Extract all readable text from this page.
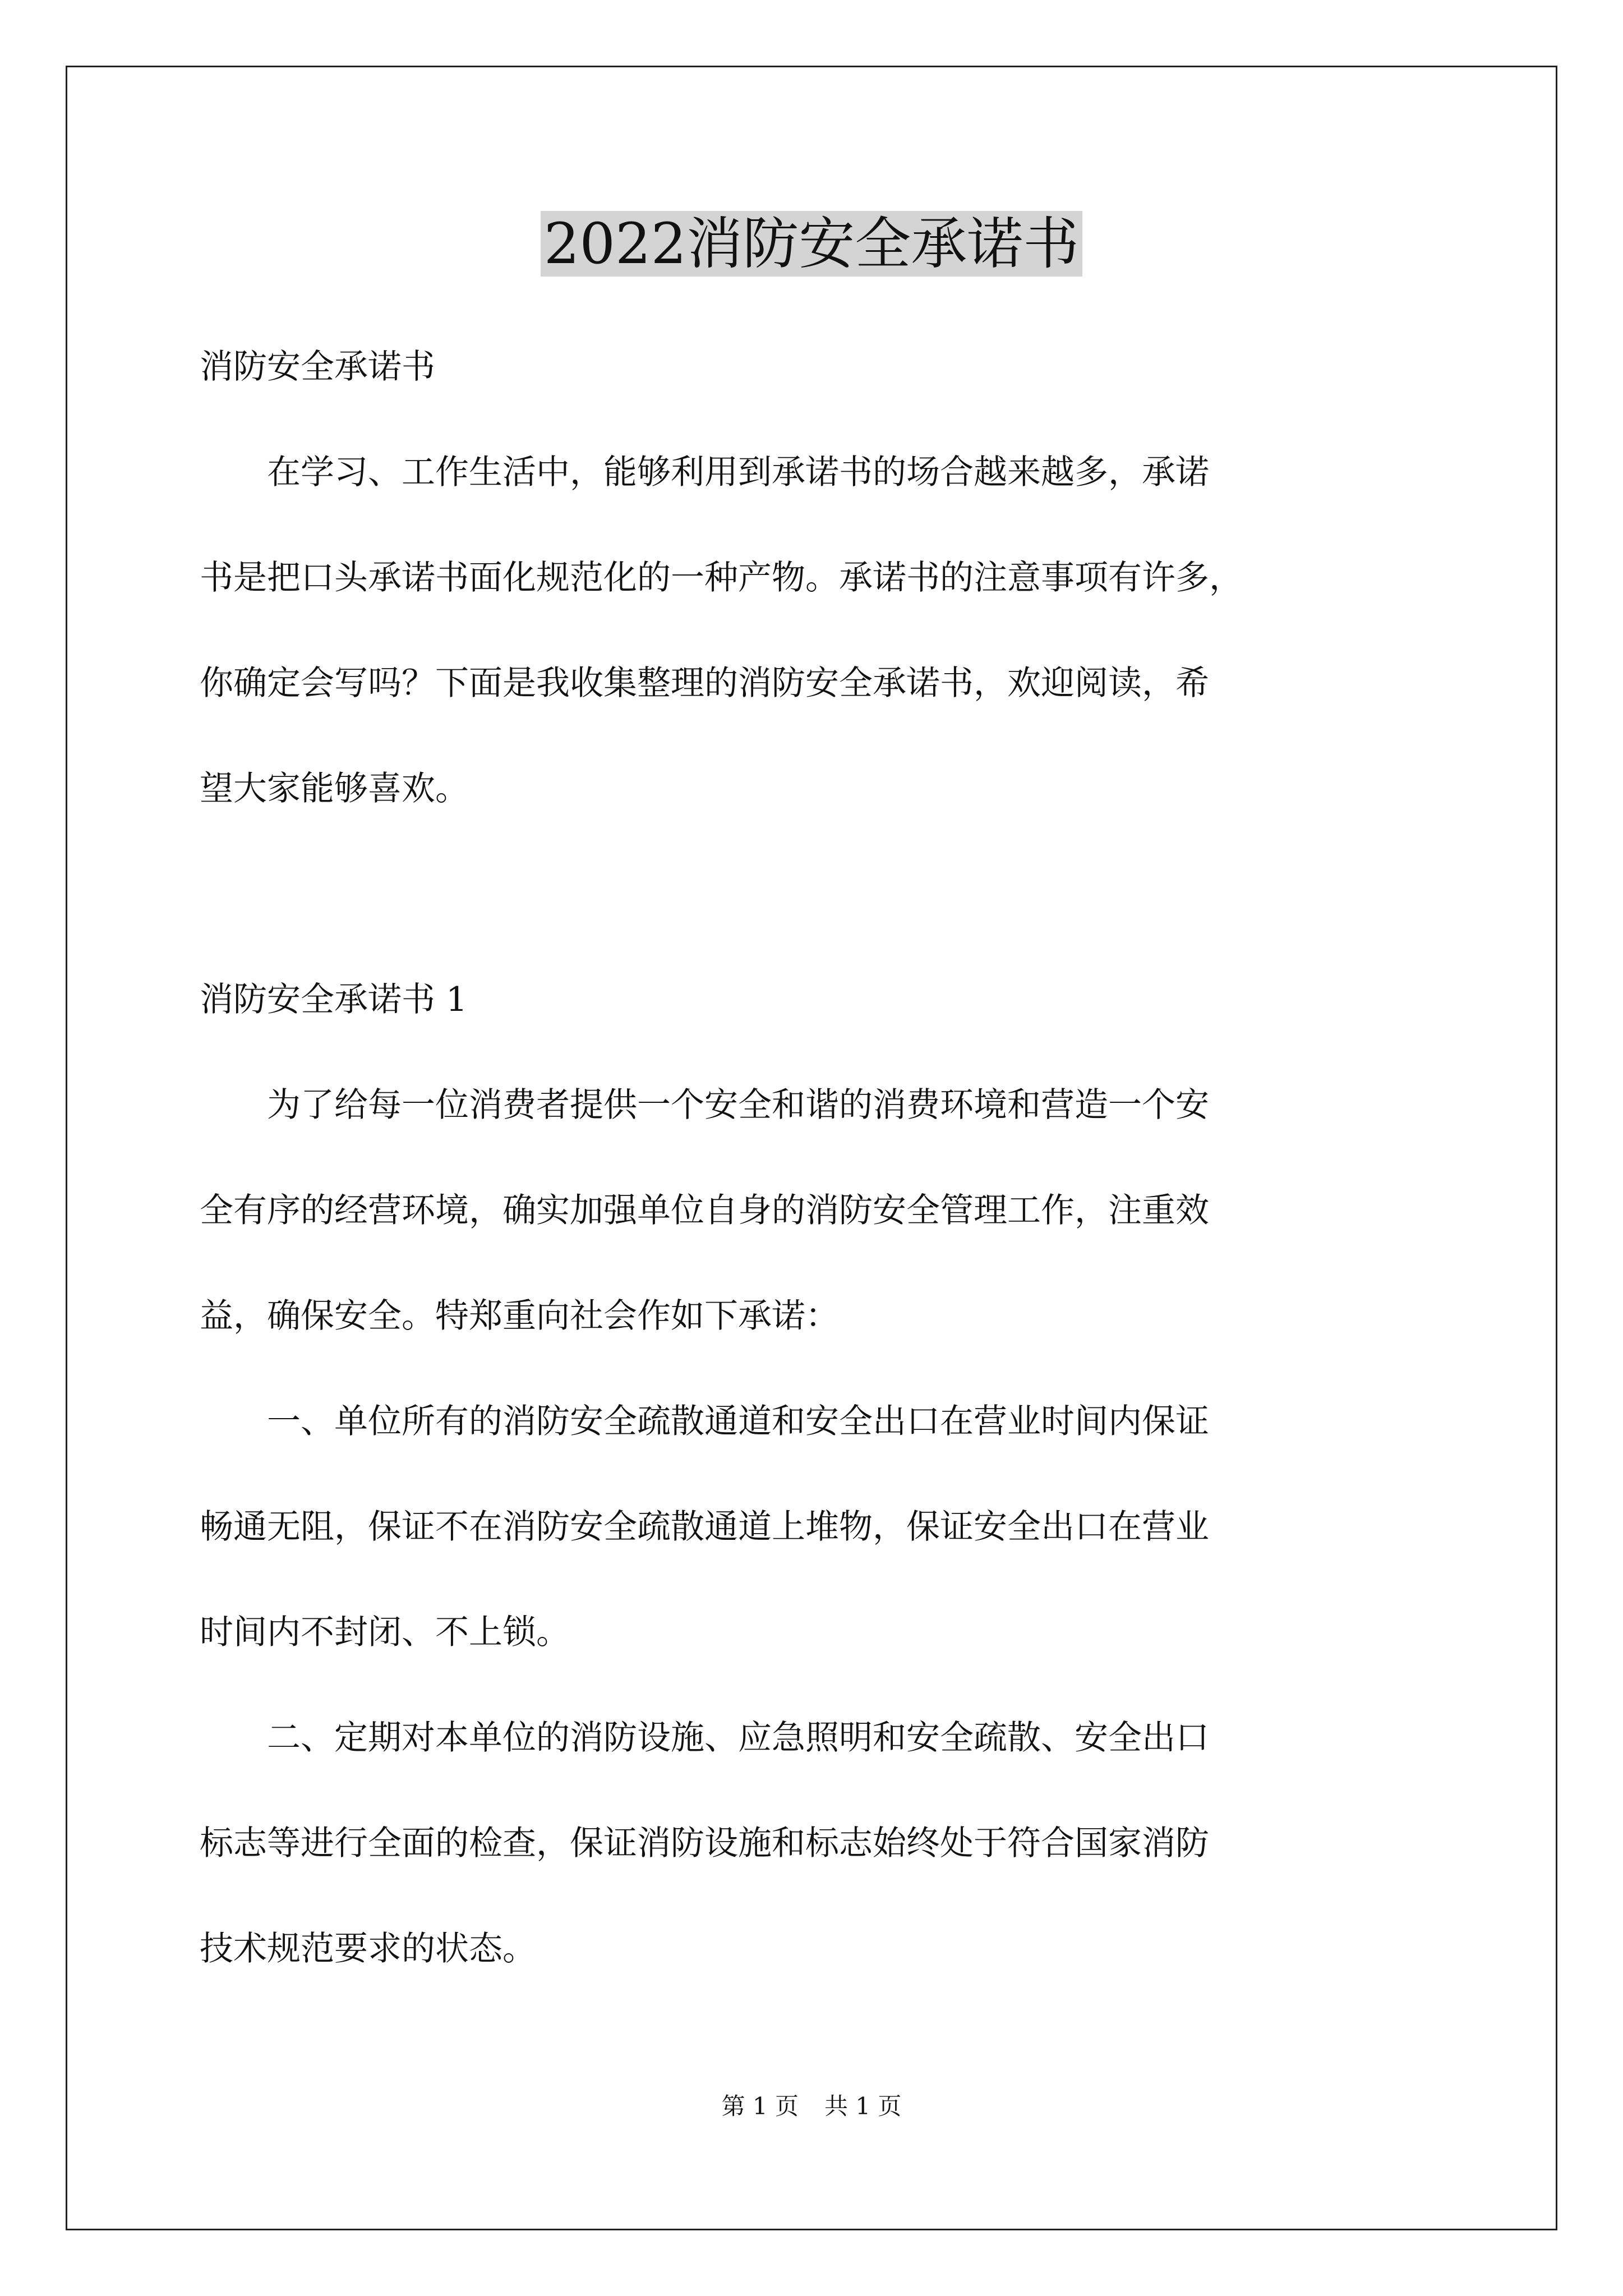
2022消防安全承诺书
消防安全承诺书
　　在学习、工作生活中，能够利用到承诺书的场合越来越多，承诺
书是把口头承诺书面化规范化的一种产物。承诺书的注意事项有许多，
你确定会写吗？下面是我收集整理的消防安全承诺书，欢迎阅读，希
望大家能够喜欢。
消防安全承诺书 1
　　为了给每一位消费者提供一个安全和谐的消费环境和营造一个安
全有序的经营环境，确实加强单位自身的消防安全管理工作，注重效
益，确保安全。特郑重向社会作如下承诺：
　　一、单位所有的消防安全疏散通道和安全出口在营业时间内保证
畅通无阻，保证不在消防安全疏散通道上堆物，保证安全出口在营业
时间内不封闭、不上锁。
　　二、定期对本单位的消防设施、应急照明和安全疏散、安全出口
标志等进行全面的检查，保证消防设施和标志始终处于符合国家消防
技术规范要求的状态。
第 1 页 共 1 页
